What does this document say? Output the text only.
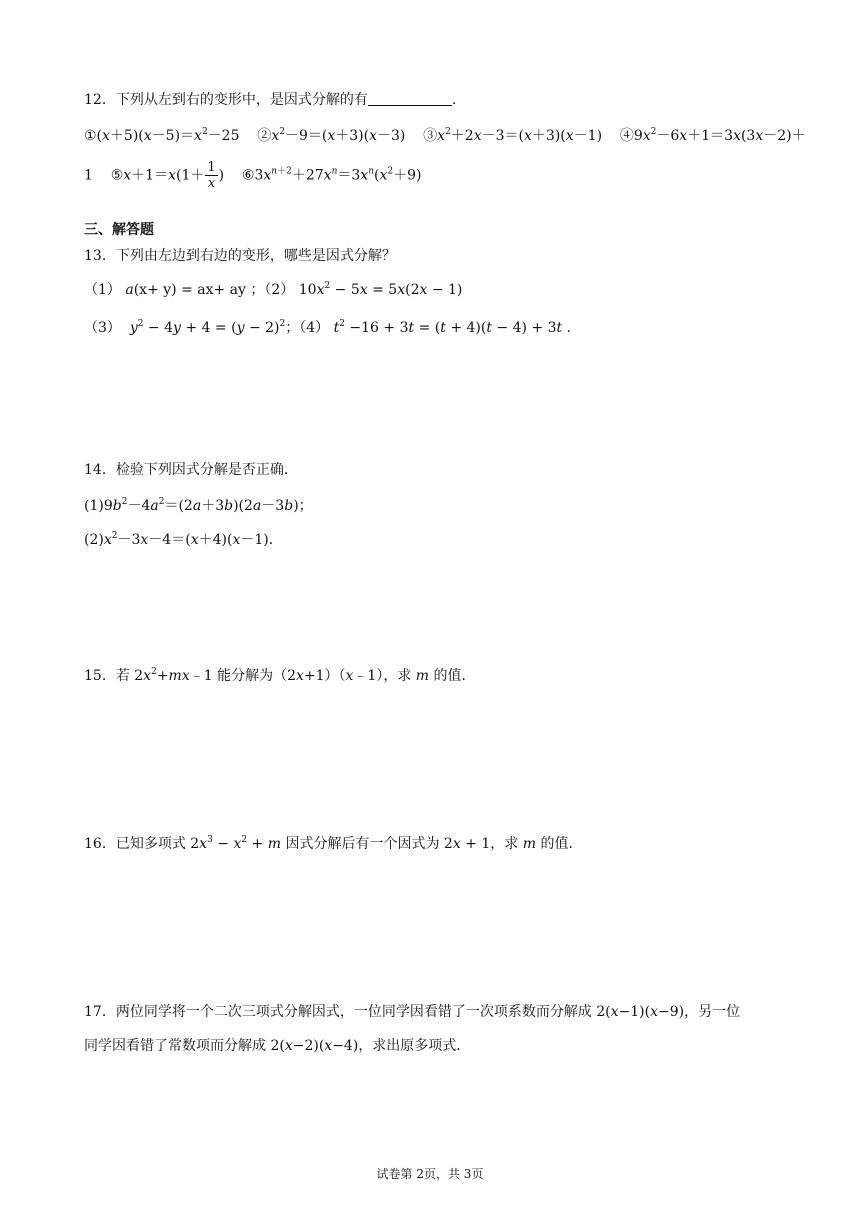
12．下列从左到右的变形中，是因式分解的有	.
$①(x+5)(x-5)=x^2-25$    $②x^2-9=(x+3)(x-3)$    $③x^2+2x-3=(x+3)(x-1)$    $④9x^2-6x+1=3x(3x-2)+$
1    ⑤x＋1＝x(1＋ $\frac{1}{x}$ )    $⑥3x^{n+2}+27x^n=3x^n(x^2+9)$
三、解答题
13．下列由左边到右边的变形，哪些是因式分解？
（1） a(x+ y) = ax+ ay ；（2） $10x^2 - 5x = 5x(2x - 1)$
（3）  $y^2 - 4y + 4 = (y - 2)^2$；（4） $t^2 -16 + 3t = (t + 4)(t - 4) + 3t$ .
14．检验下列因式分解是否正确．
$(1)9b^2-4a^2=(2a+3b)(2a-3b)$；
$(2)x^2-3x-4=(x+4)(x-1)$．
15．若 $2x^2+mx﹣1$ 能分解为（2x+1）（x﹣1），求 m 的值．
16．已知多项式 $2x^3 - x^2 + m$ 因式分解后有一个因式为 2x + 1，求 m 的值．
17．两位同学将一个二次三项式分解因式，一位同学因看错了一次项系数而分解成 2(x−1)(x−9)，另一位
同学因看错了常数项而分解成 2(x−2)(x−4)，求出原多项式．
试卷第 2页，共 3页
